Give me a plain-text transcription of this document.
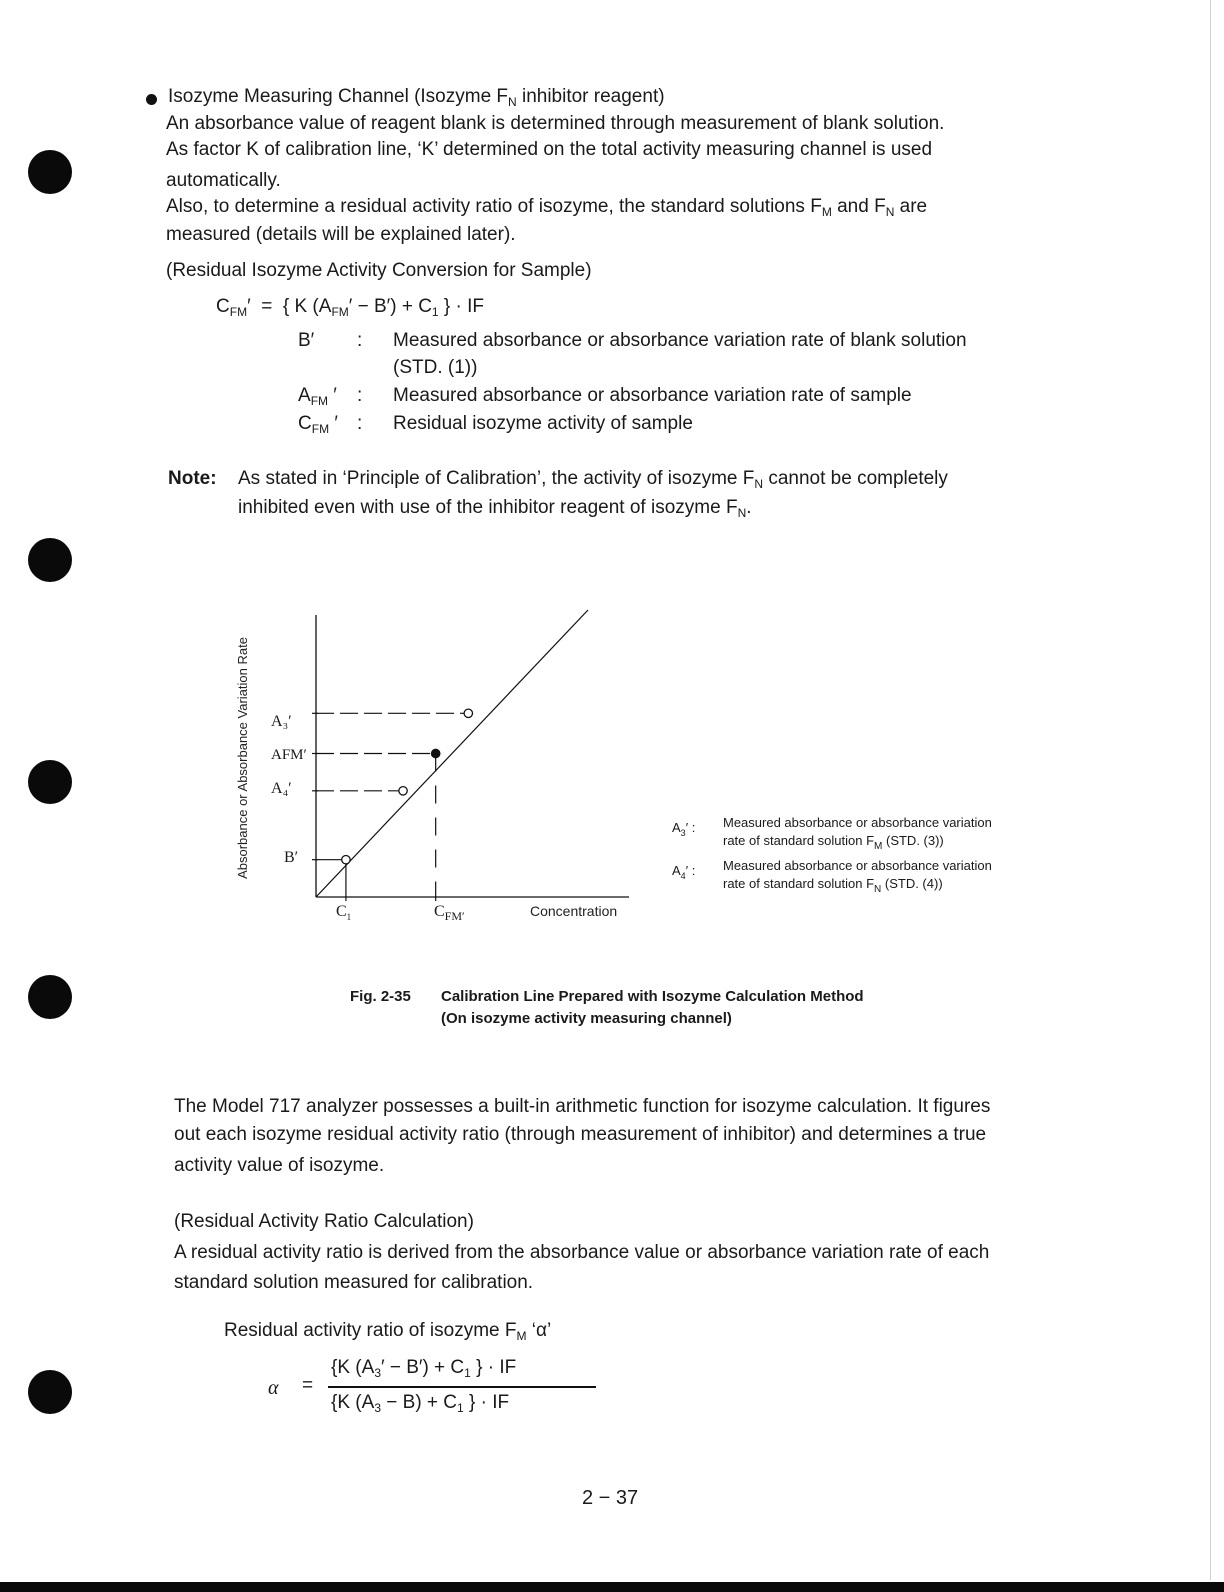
Isozyme Measuring Channel (Isozyme $F_N$ inhibitor reagent)
An absorbance value of reagent blank is determined through measurement of blank solution.
As factor K of calibration line, ‘K’ determined on the total activity measuring channel is used
automatically.
Also, to determine a residual activity ratio of isozyme, the standard solutions $F_M$ and $F_N$ are
measured (details will be explained later).
(Residual Isozyme Activity Conversion for Sample)
$C_{FM}'$ = { K $(A_{FM}' - B') + C_1$ } · IF
B′ : Measured absorbance or absorbance variation rate of blank solution
(STD. (1))
$A_{FM}$ ′ : Measured absorbance or absorbance variation rate of sample
$C_{FM}$ ′ : Residual isozyme activity of sample
Note: As stated in ‘Principle of Calibration’, the activity of isozyme $F_N$ cannot be completely
inhibited even with use of the inhibitor reagent of isozyme $F_N$.
Absorbance or Absorbance Variation Rate
Concentration
A₃′
AFM′
A₄′
B′
$C_1$	$C_{FM'}$
$A_3'$ : Measured absorbance or absorbance variation
rate of standard solution $F_M$ (STD. (3))
$A_4'$ : Measured absorbance or absorbance variation
rate of standard solution $F_N$ (STD. (4))
Fig. 2-35 Calibration Line Prepared with Isozyme Calculation Method
(On isozyme activity measuring channel)
The Model 717 analyzer possesses a built-in arithmetic function for isozyme calculation. It figures
out each isozyme residual activity ratio (through measurement of inhibitor) and determines a true
activity value of isozyme.
(Residual Activity Ratio Calculation)
A residual activity ratio is derived from the absorbance value or absorbance variation rate of each
standard solution measured for calibration.
Residual activity ratio of isozyme $F_M$ ‘α’
α =
{K $(A_3' - B') + C_1$ } · IF
{K $(A_3 - B) + C_1$ } · IF
2 − 37
